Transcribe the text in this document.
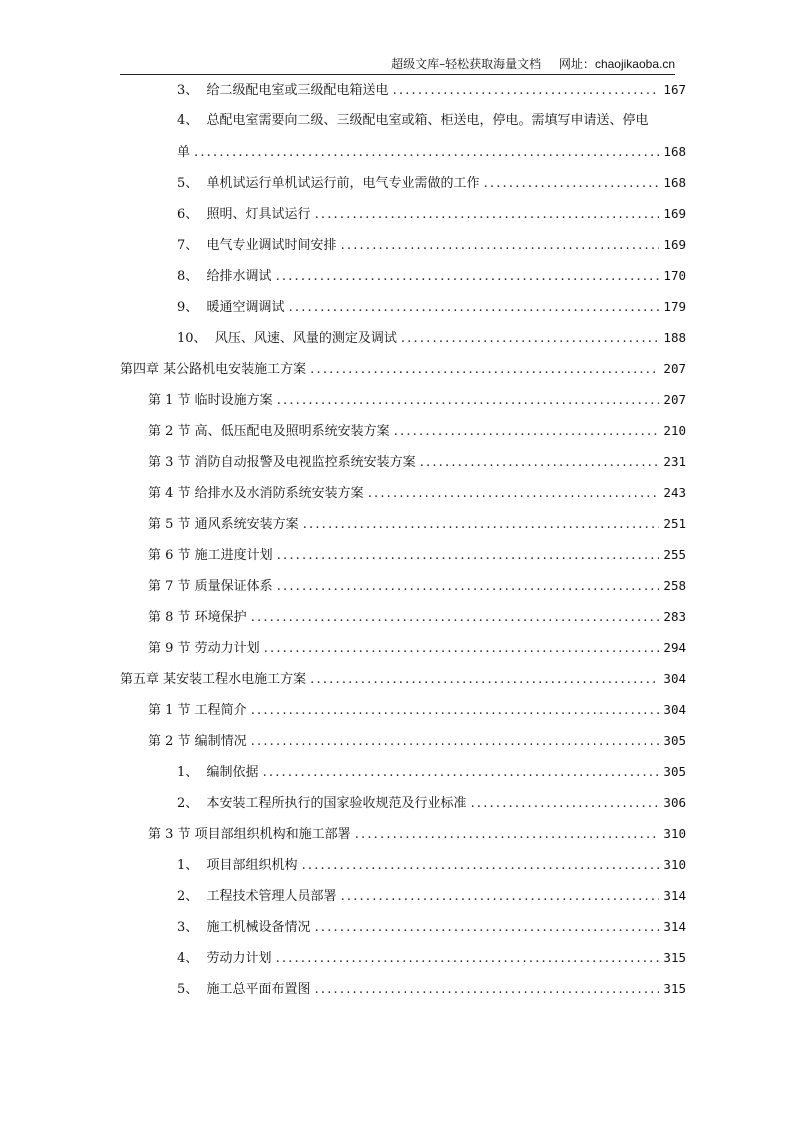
超级文库–轻松获取海量文档 网址：chaojikaoba.cn
3、 给二级配电室或三级配电箱送电 .....	167
4、 总配电室需要向二级、三级配电室或箱、柜送电，停电。需填写申请送、停电
单 .....	168
5、 单机试运行单机试运行前，电气专业需做的工作 .....	168
6、 照明、灯具试运行 .....	169
7、 电气专业调试时间安排 .....	169
8、 给排水调试 .....	170
9、 暖通空调调试 .....	179
10、 风压、风速、风量的测定及调试 .....	188
第四章 某公路机电安装施工方案 .....	207
第 1 节 临时设施方案 .....	207
第 2 节 高、低压配电及照明系统安装方案 .....	210
第 3 节 消防自动报警及电视监控系统安装方案 .....	231
第 4 节 给排水及水消防系统安装方案 .....	243
第 5 节 通风系统安装方案 .....	251
第 6 节 施工进度计划 .....	255
第 7 节 质量保证体系 .....	258
第 8 节 环境保护 .....	283
第 9 节 劳动力计划 .....	294
第五章 某安装工程水电施工方案 .....	304
第 1 节 工程简介 .....	304
第 2 节 编制情况 .....	305
1、 编制依据 .....	305
2、 本安装工程所执行的国家验收规范及行业标准 .....	306
第 3 节 项目部组织机构和施工部署 .....	310
1、 项目部组织机构 .....	310
2、 工程技术管理人员部署 .....	314
3、 施工机械设备情况 .....	314
4、 劳动力计划 .....	315
5、 施工总平面布置图 .....	315
